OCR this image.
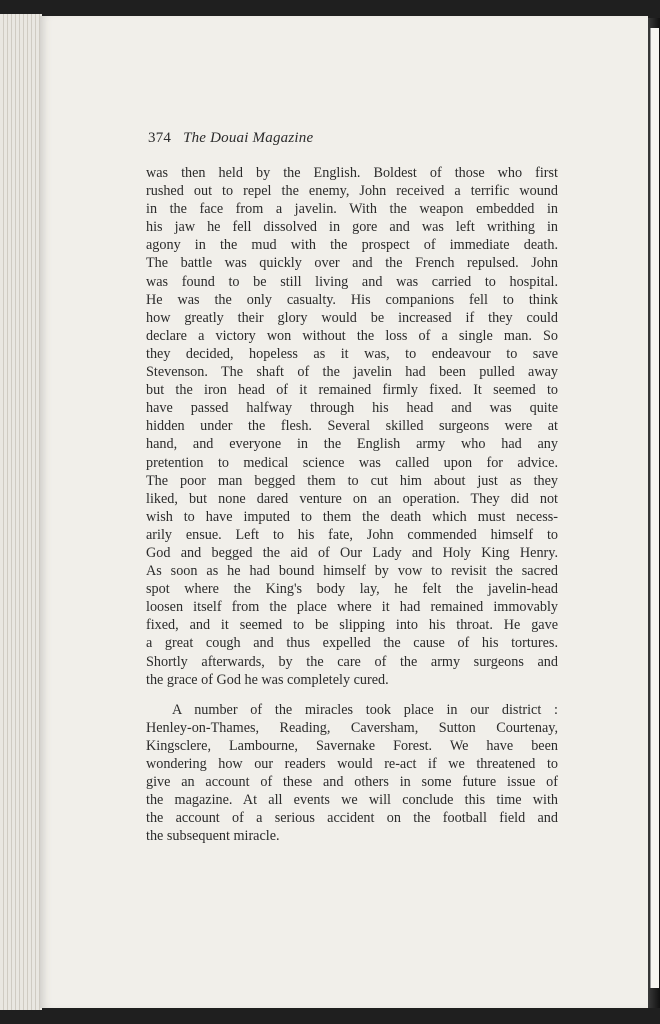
374 The Douai Magazine
was then held by the English. Boldest of those who first
rushed out to repel the enemy, John received a terrific wound
in the face from a javelin. With the weapon embedded in
his jaw he fell dissolved in gore and was left writhing in
agony in the mud with the prospect of immediate death.
The battle was quickly over and the French repulsed. John
was found to be still living and was carried to hospital.
He was the only casualty. His companions fell to think
how greatly their glory would be increased if they could
declare a victory won without the loss of a single man. So
they decided, hopeless as it was, to endeavour to save
Stevenson. The shaft of the javelin had been pulled away
but the iron head of it remained firmly fixed. It seemed to
have passed halfway through his head and was quite
hidden under the flesh. Several skilled surgeons were at
hand, and everyone in the English army who had any
pretention to medical science was called upon for advice.
The poor man begged them to cut him about just as they
liked, but none dared venture on an operation. They did not
wish to have imputed to them the death which must necess-
arily ensue. Left to his fate, John commended himself to
God and begged the aid of Our Lady and Holy King Henry.
As soon as he had bound himself by vow to revisit the sacred
spot where the King's body lay, he felt the javelin-head
loosen itself from the place where it had remained immovably
fixed, and it seemed to be slipping into his throat. He gave
a great cough and thus expelled the cause of his tortures.
Shortly afterwards, by the care of the army surgeons and
the grace of God he was completely cured.
A number of the miracles took place in our district :
Henley-on-Thames, Reading, Caversham, Sutton Courtenay,
Kingsclere, Lambourne, Savernake Forest. We have been
wondering how our readers would re-act if we threatened to
give an account of these and others in some future issue of
the magazine. At all events we will conclude this time with
the account of a serious accident on the football field and
the subsequent miracle.
